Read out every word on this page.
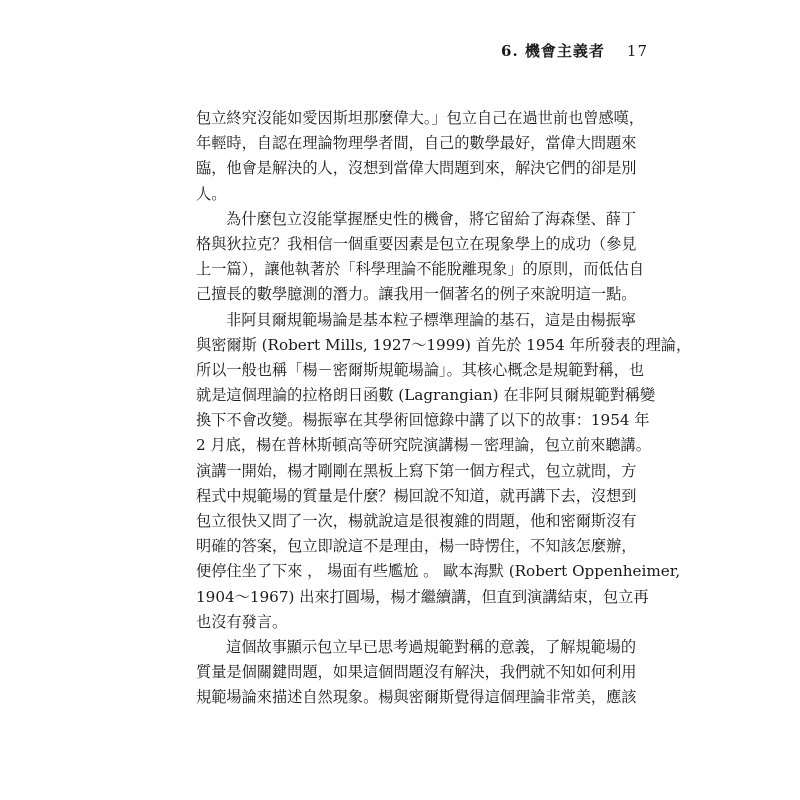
6. 機會主義者 17
包立終究沒能如愛因斯坦那麼偉大。」包立自己在過世前也曾感嘆，
年輕時，自認在理論物理學者間，自己的數學最好，當偉大問題來
臨，他會是解決的人，沒想到當偉大問題到來，解決它們的卻是別
人。
為什麼包立沒能掌握歷史性的機會，將它留給了海森堡、薛丁
格與狄拉克？我相信一個重要因素是包立在現象學上的成功（參見
上一篇），讓他執著於「科學理論不能脫離現象」的原則，而低估自
己擅長的數學臆測的潛力。讓我用一個著名的例子來說明這一點。
非阿貝爾規範場論是基本粒子標準理論的基石，這是由楊振寧
與密爾斯 (Robert Mills, 1927～1999) 首先於 1954 年所發表的理論，
所以一般也稱「楊－密爾斯規範場論」。其核心概念是規範對稱，也
就是這個理論的拉格朗日函數 (Lagrangian) 在非阿貝爾規範對稱變
換下不會改變。楊振寧在其學術回憶錄中講了以下的故事：1954 年
2 月底，楊在普林斯頓高等研究院演講楊－密理論，包立前來聽講。
演講一開始，楊才剛剛在黑板上寫下第一個方程式，包立就問，方
程式中規範場的質量是什麼？楊回說不知道，就再講下去，沒想到
包立很快又問了一次，楊就說這是很複雜的問題，他和密爾斯沒有
明確的答案，包立即說這不是理由，楊一時愣住，不知該怎麼辦，
便停住坐了下來 ， 場面有些尷尬 。 歐本海默 (Robert Oppenheimer,
1904～1967) 出來打圓場，楊才繼續講，但直到演講結束，包立再
也沒有發言。
這個故事顯示包立早已思考過規範對稱的意義，了解規範場的
質量是個關鍵問題，如果這個問題沒有解決，我們就不知如何利用
規範場論來描述自然現象。楊與密爾斯覺得這個理論非常美，應該
